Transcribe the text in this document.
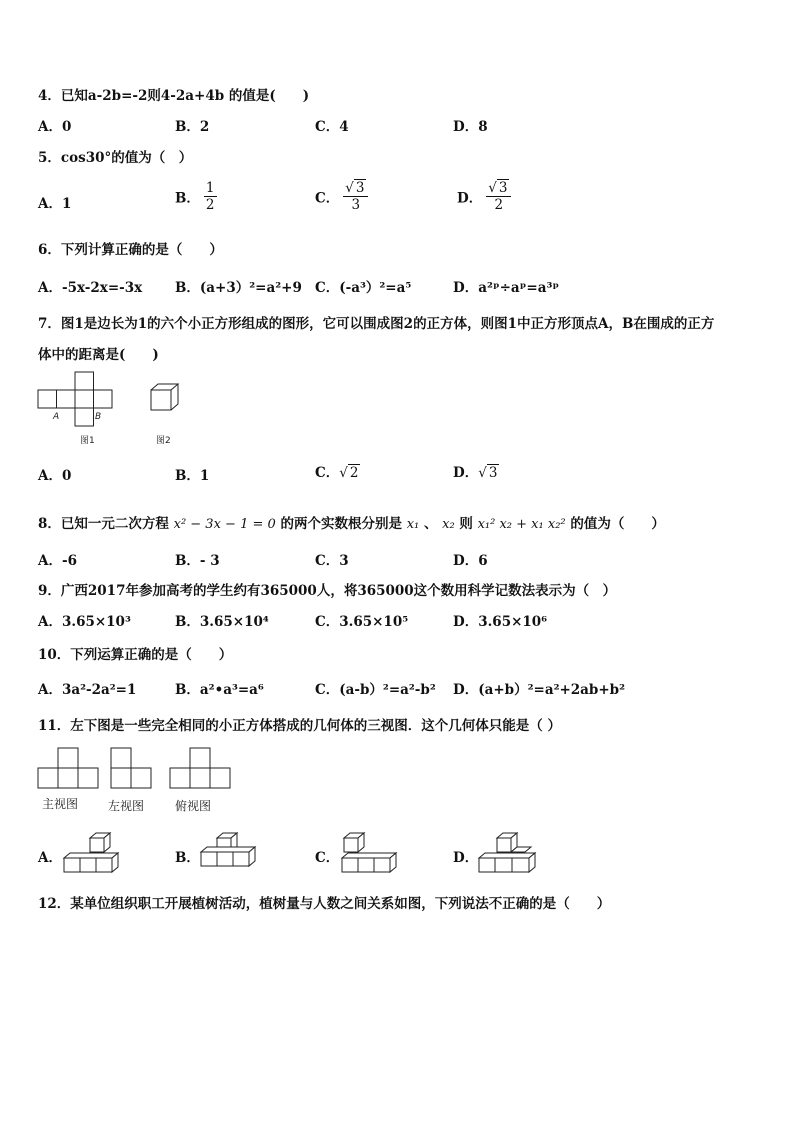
4．已知a-2b=-2则4-2a+4b 的值是(　　)
A．0	B．2	C．4	D．8
5．cos30°的值为（　）
A．1	B． $\frac{1}{2}$	C． $\frac{√ 3}{3}$	D． $\frac{√ 3}{2}$
6．下列计算正确的是（　　）
A．-5x-2x=-3x B．(a+3）²=a²+9 C．(-a³）²=a⁵	D．a²ᵖ÷aᵖ=a³ᵖ
7．图1是边长为1的六个小正方形组成的图形，它可以围成图2的正方体，则图1中正方形顶点A，B在围成的正方
体中的距离是(　　)
A	B
图1	图2
A．0	B．1	C．√ 2	D．√ 3
8．已知一元二次方程 x² − 3x − 1 = 0 的两个实数根分别是 x₁ 、 x₂ 则 x₁² x₂ + x₁ x₂² 的值为（　　）
A．-6	B．- 3	C．3	D．6
9．广西2017年参加高考的学生约有365000人，将365000这个数用科学记数法表示为（　）
A．3.65×10³	B．3.65×10⁴	C．3.65×10⁵	D．3.65×10⁶
10．下列运算正确的是（　　）
A．3a²-2a²=1	B．a²•a³=a⁶	C．(a-b）²=a²-b² D．(a+b）²=a²+2ab+b²
11．左下图是一些完全相同的小正方体搭成的几何体的三视图．这个几何体只能是（ ）
主视图 左视图	俯视图
A．	B．	C．	D．
12．某单位组织职工开展植树活动，植树量与人数之间关系如图，下列说法不正确的是（　　）
